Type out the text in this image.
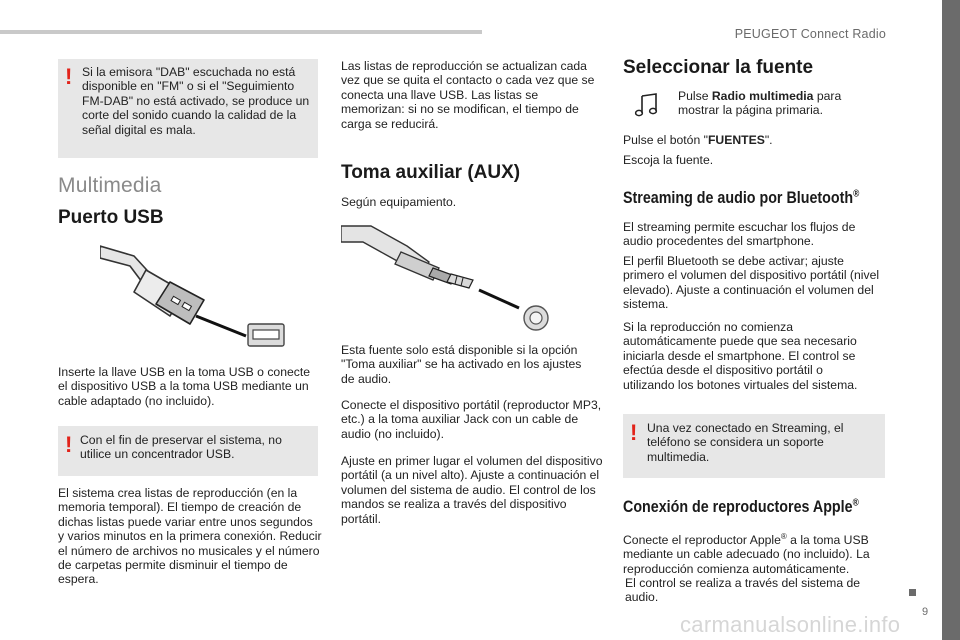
PEUGEOT Connect Radio
! Si la emisora "DAB" escuchada no está disponible en "FM" o si el "Seguimiento FM-DAB" no está activado, se produce un corte del sonido cuando la calidad de la señal digital es mala.
Multimedia
Puerto USB
Inserte la llave USB en la toma USB o conecte el dispositivo USB a la toma USB mediante un cable adaptado (no incluido).
! Con el fin de preservar el sistema, no utilice un concentrador USB.
El sistema crea listas de reproducción (en la memoria temporal). El tiempo de creación de dichas listas puede variar entre unos segundos y varios minutos en la primera conexión. Reducir el número de archivos no musicales y el número de carpetas permite disminuir el tiempo de espera.
Las listas de reproducción se actualizan cada vez que se quita el contacto o cada vez que se conecta una llave USB. Las listas se memorizan: si no se modifican, el tiempo de carga se reducirá.
Toma auxiliar (AUX)
Según equipamiento.
Esta fuente solo está disponible si la opción "Toma auxiliar" se ha activado en los ajustes de audio.
Conecte el dispositivo portátil (reproductor MP3, etc.) a la toma auxiliar Jack con un cable de audio (no incluido).
Ajuste en primer lugar el volumen del dispositivo portátil (a un nivel alto). Ajuste a continuación el volumen del sistema de audio. El control de los mandos se realiza a través del dispositivo portátil.
Seleccionar la fuente
Pulse Radio multimedia para mostrar la página primaria.
Pulse el botón "FUENTES".
Escoja la fuente.
Streaming de audio por Bluetooth®
El streaming permite escuchar los flujos de audio procedentes del smartphone.
El perfil Bluetooth se debe activar; ajuste primero el volumen del dispositivo portátil (nivel elevado). Ajuste a continuación el volumen del sistema.
Si la reproducción no comienza automáticamente puede que sea necesario iniciarla desde el smartphone. El control se efectúa desde el dispositivo portátil o utilizando los botones virtuales del sistema.
! Una vez conectado en Streaming, el teléfono se considera un soporte multimedia.
Conexión de reproductores Apple®
Conecte el reproductor Apple® a la toma USB mediante un cable adecuado (no incluido). La reproducción comienza automáticamente.
El control se realiza a través del sistema de audio.
carmanualsonline.info 9
